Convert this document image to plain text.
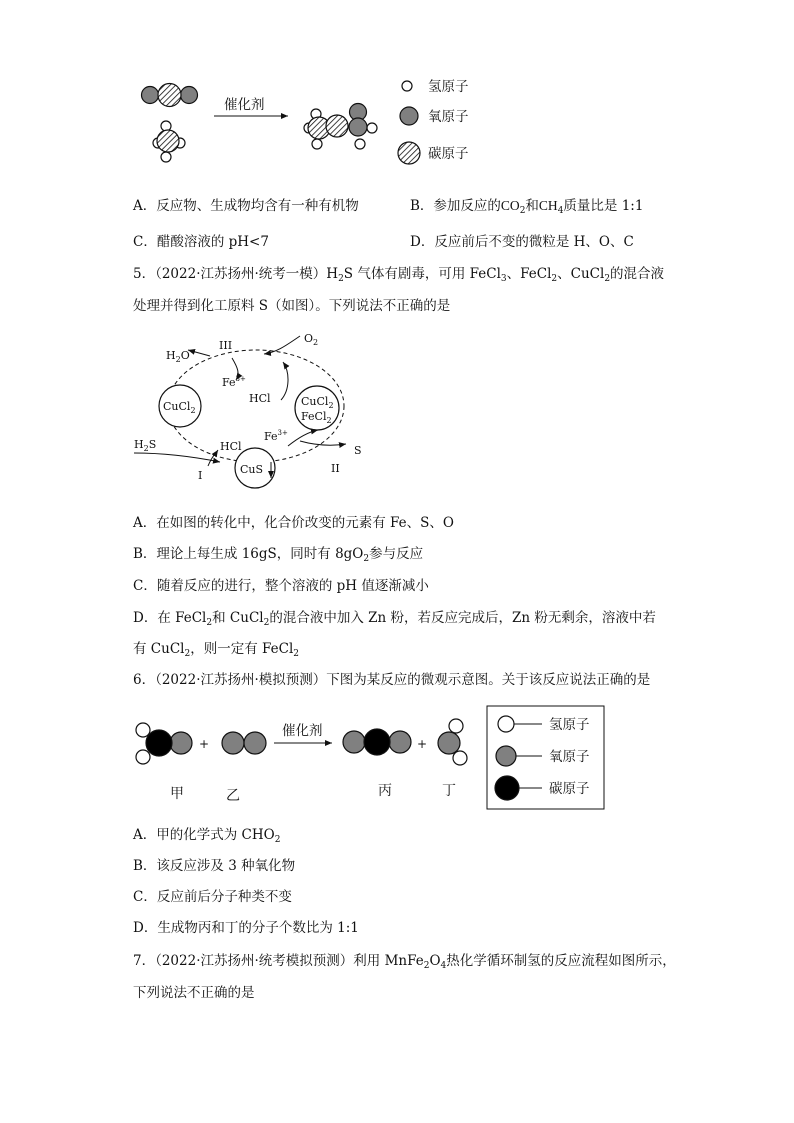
催化剂
氢原子
氧原子
碳原子
A．反应物、生成物均含有一种有机物	B．参加反应的$CO_2$和$CH_4$质量比是 1:1
C．醋酸溶液的 pH<7	D．反应前后不变的微粒是 H、O、C
5．（2022·江苏扬州·统考一模）$H_2S$ 气体有剧毒，可用 FeCl$_3$、FeCl$_2$、CuCl$_2$的混合液
处理并得到化工原料 S（如图）。下列说法不正确的是
CuCl$_2$
CuCl$_2$
FeCl$_2$
CuS
$H_2O$
III
$O_2$
$Fe^{3+}$
HCl
$H_2S$	HCl
I
$Fe^{3+}$
S
II
A．在如图的转化中，化合价改变的元素有 Fe、S、O
B．理论上每生成 16gS，同时有 $8gO_2$参与反应
C．随着反应的进行，整个溶液的 pH 值逐渐减小
D．在 FeCl$_2$和 CuCl$_2$的混合液中加入 Zn 粉，若反应完成后，Zn 粉无剩余，溶液中若
有 CuCl$_2$，则一定有 FeCl$_2$
6．（2022·江苏扬州·模拟预测）下图为某反应的微观示意图。关于该反应说法正确的是
+
催化剂
+
甲	乙	丙	丁
氢原子
氧原子
碳原子
A．甲的化学式为 $CHO_2$
B．该反应涉及 3 种氧化物
C．反应前后分子种类不变
D．生成物丙和丁的分子个数比为 1:1
7．（2022·江苏扬州·统考模拟预测）利用 $MnFe_2O_4$热化学循环制氢的反应流程如图所示，
下列说法不正确的是
